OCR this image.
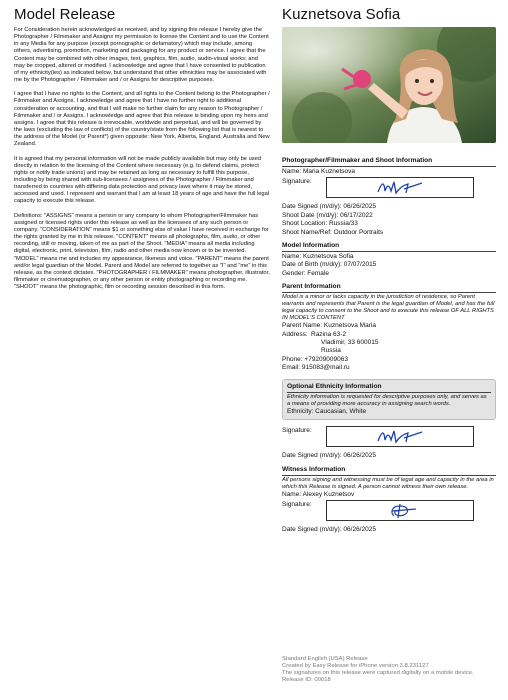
Model Release

For Consideration herein acknowledged as received, and by signing this release I hereby give the Photographer / Filmmaker and Assigns my permission to license the Content and to use the Content in any Media for any purpose (except pornographic or defamatory) which may include, among others, advertising, promotion, marketing and packaging for any product or service. I agree that the Content may be combined with other images, text, graphics, film, audio, audio-visual works; and may be cropped, altered or modified. I acknowledge and agree that I have consented to publication of my ethnicity(ies) as indicated below, but understand that other ethnicities may be associated with me by the Photographer / Filmmaker and / or Assigns for descriptive purposes.

I agree that I have no rights to the Content, and all rights to the Content belong to the Photographer / Filmmaker and Assigns. I acknowledge and agree that I have no further right to additional consideration or accounting, and that I will make no further claim for any reason to Photographer / Filmmaker and / or Assigns. I acknowledge and agree that this release is binding upon my heirs and assigns. I agree that this release is irrevocable, worldwide and perpetual, and will be governed by the laws (excluding the law of conflicts) of the country/state from the following list that is nearest to the address of the Model (or Parent*) given opposite: New York, Alberta, England, Australia and New Zealand.

It is agreed that my personal information will not be made publicly available but may only be used directly in relation to the licensing of the Content where necessary (e.g. to defend claims, protect rights or notify trade unions) and may be retained as long as necessary to fulfill this purpose, including by being shared with sub-licensees / assignees of the Photographer / Filmmaker and transferred to countries with differing data protection and privacy laws where it may be stored, accessed and used. I represent and warrant that I am at least 18 years of age and have the full legal capacity to execute this release.

Definitions: "ASSIGNS" means a person or any company to whom Photographer/Filmmaker has assigned or licensed rights under this release as well as the licensees of any such person or company. "CONSIDERATION" means $1 or something else of value I have received in exchange for the rights granted by me in this release. "CONTENT" means all photographs, film, audio, or other recording, still or moving, taken of me as part of the Shoot. "MEDIA" means all media including digital, electronic, print, television, film, radio and other media now known or to be invented. "MODEL" means me and includes my appearance, likeness and voice. "PARENT" means the parent and/or legal guardian of the Model. Parent and Model are referred to together as "I" and "me" in this release, as the context dictates. "PHOTOGRAPHER / FILMMAKER" means photographer, illustrator, filmmaker or cinematographer, or any other person or entity photographing or recording me. "SHOOT" means the photographic, film or recording session described in this form.

Kuznetsova Sofia

Photographer/Filmmaker and Shoot Information

Name: Maria Kuznetsova
Signature:
Date Signed (m/d/y): 06/26/2025
Shoot Date (m/d/y): 06/17/2022
Shoot Location: Russia/33
Shoot Name/Ref: Outdoor Portraits

Model Information

Name: Kuznetsova Sofia
Date of Birth (m/d/y): 07/07/2015
Gender: Female

Parent Information

Model is a minor or lacks capacity in the jurisdiction of residence, so Parent warrants and represents that Parent is the legal guardian of Model, and has the full legal capacity to consent to the Shoot and to execute this release OF ALL RIGHTS IN MODEL'S CONTENT
Parent Name: Kuznetsova Maria
Address: Razina 63-2
Vladimir, 33 600015
Russia
Phone: +79209009063
Email: 915083@mail.ru

Optional Ethnicity Information

Ethnicity information is requested for descriptive purposes only, and serves as a means of providing more accuracy in assigning search words.
Ethnicity: Caucasian, White
Signature:
Date Signed (m/d/y): 06/26/2025

Witness Information

All persons signing and witnessing must be of legal age and capacity in the area in which this Release is signed. A person cannot witness their own release.
Name: Alexey Kuznetsov
Signature:
Date Signed (m/d/y): 06/26/2025
Standard English (USA) Release
Created by Easy Release for iPhone version 3.8.231127
The signatures on this release were captured digitally on a mobile device.
Release ID: 00018
